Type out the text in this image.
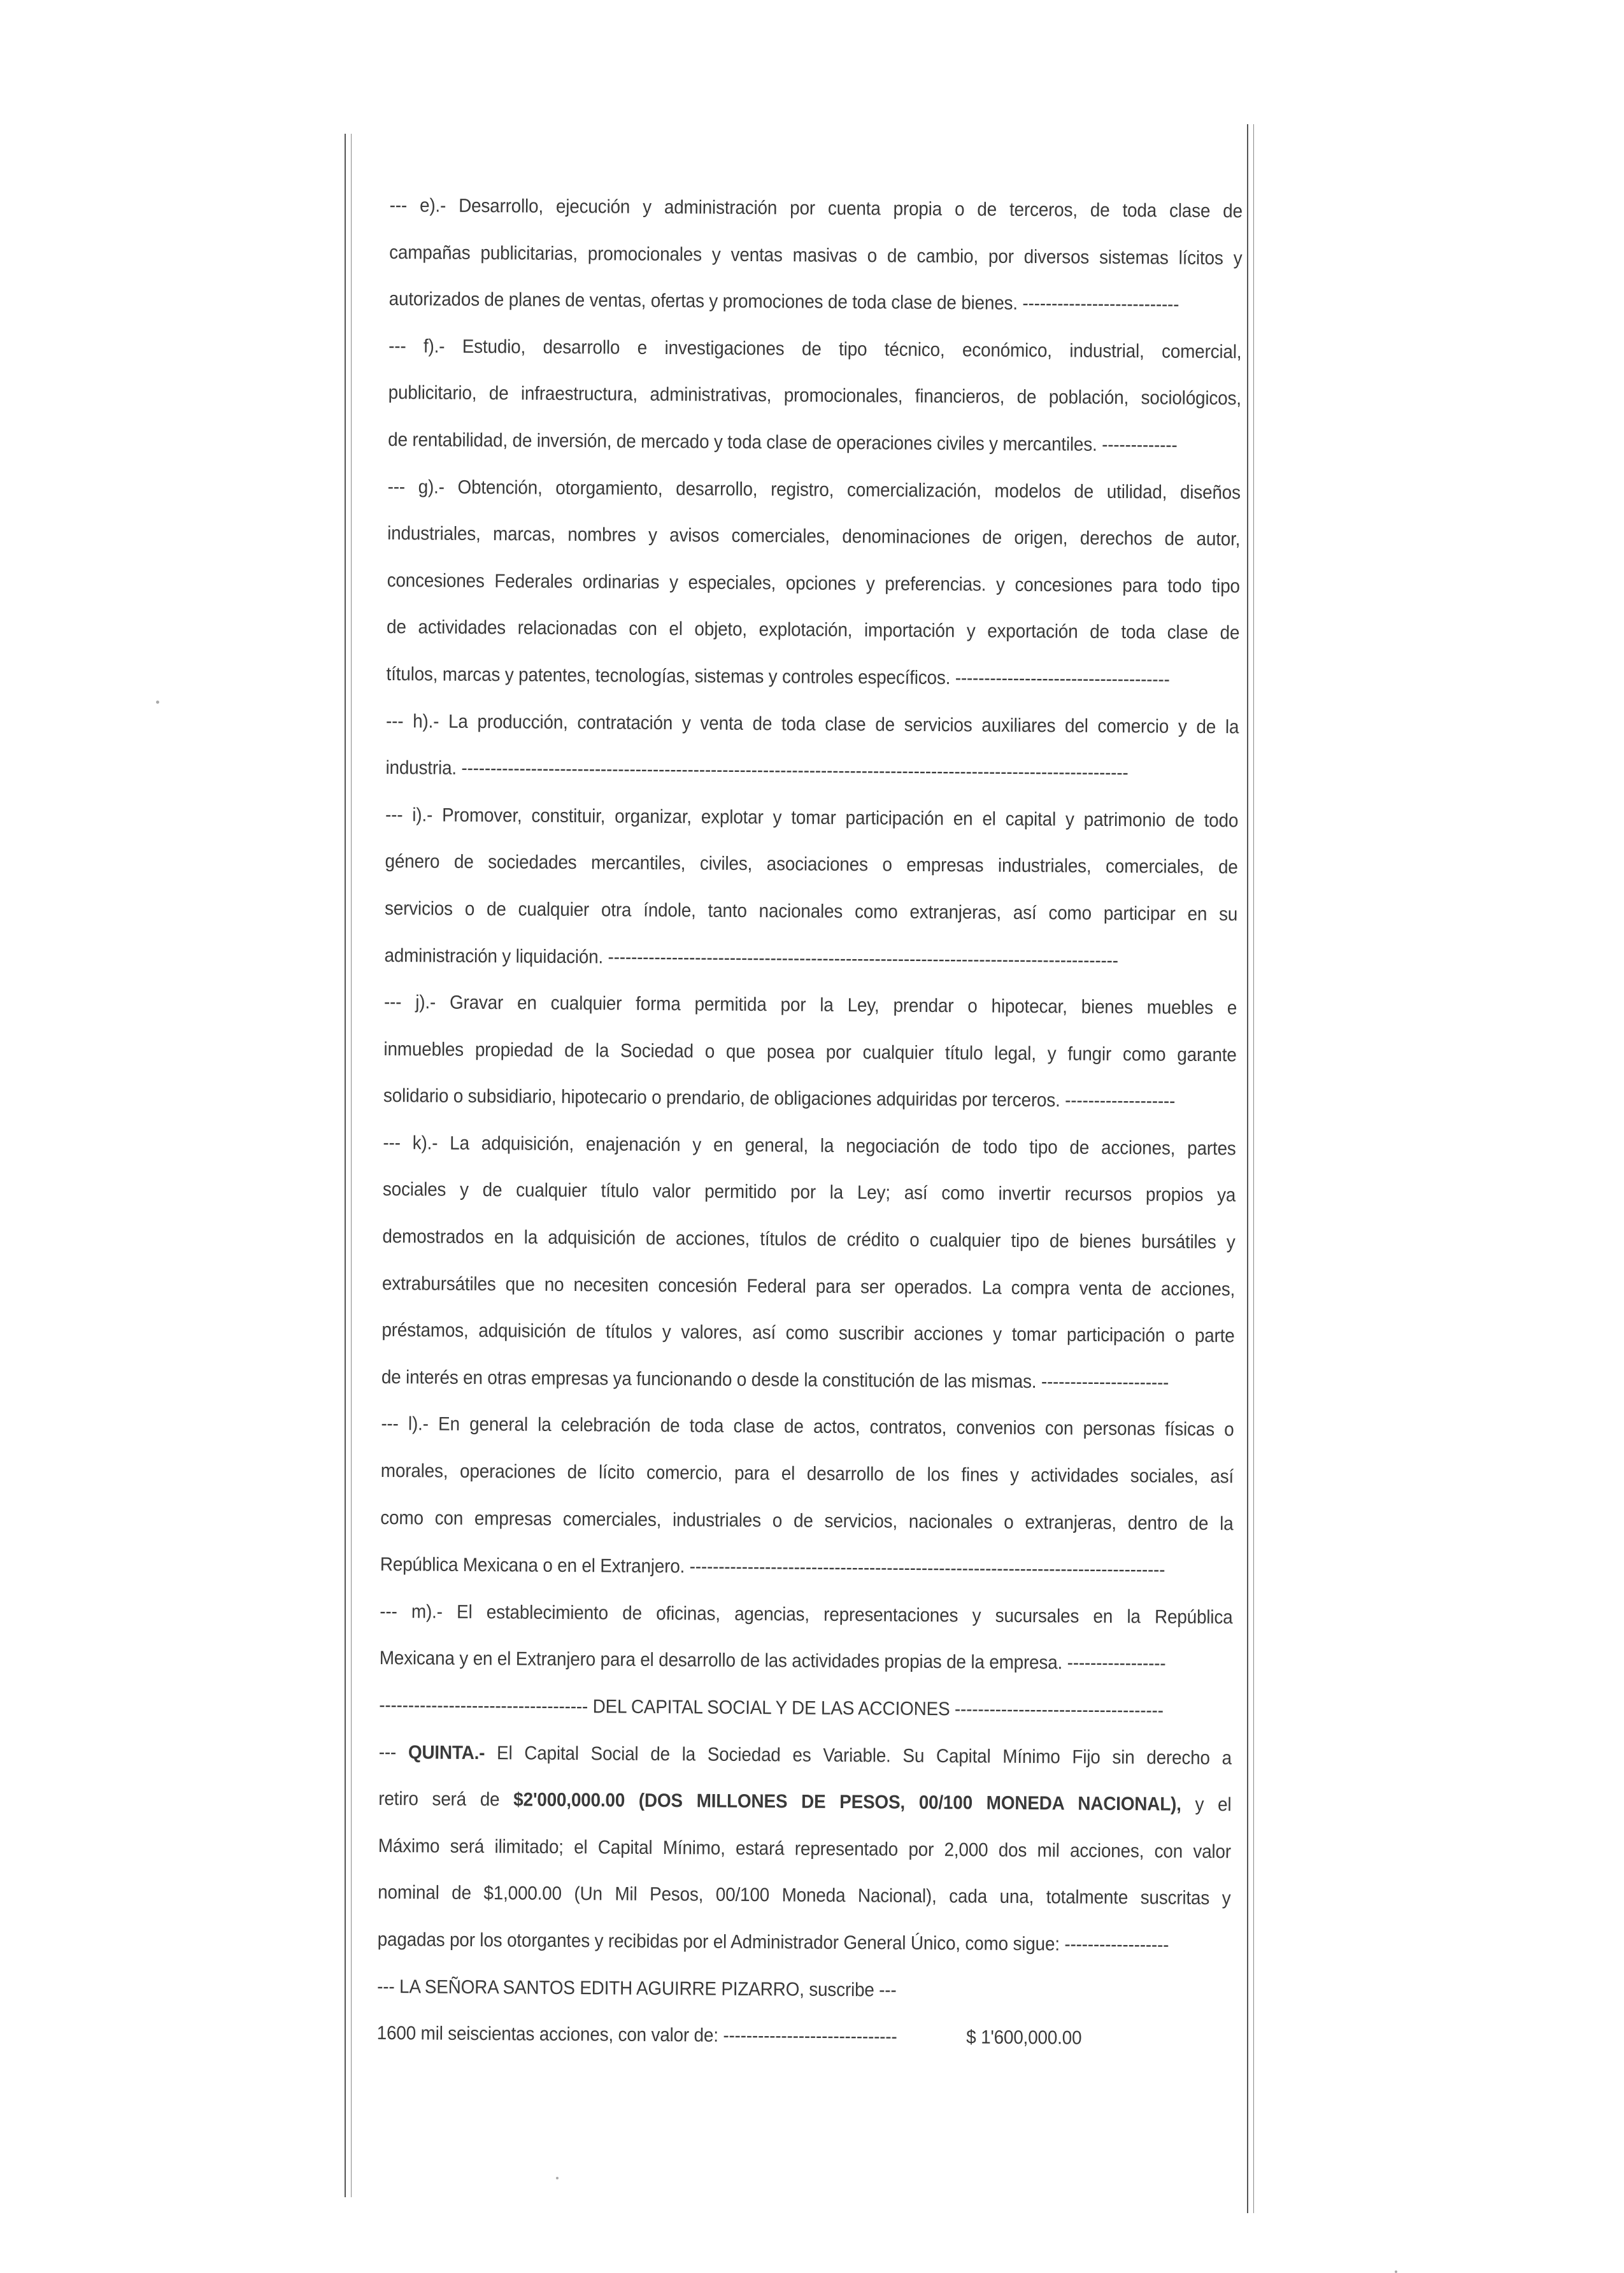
--- e).- Desarrollo, ejecución y administración por cuenta propia o de terceros, de toda clase de
campañas publicitarias, promocionales y ventas masivas o de cambio, por diversos sistemas lícitos y
autorizados de planes de ventas, ofertas y promociones de toda clase de bienes. ---------------------------
--- f).- Estudio, desarrollo e investigaciones de tipo técnico, económico, industrial, comercial,
publicitario, de infraestructura, administrativas, promocionales, financieros, de población, sociológicos,
de rentabilidad, de inversión, de mercado y toda clase de operaciones civiles y mercantiles. -------------
--- g).- Obtención, otorgamiento, desarrollo, registro, comercialización, modelos de utilidad, diseños
industriales, marcas, nombres y avisos comerciales, denominaciones de origen, derechos de autor,
concesiones Federales ordinarias y especiales, opciones y preferencias. y concesiones para todo tipo
de actividades relacionadas con el objeto, explotación, importación y exportación de toda clase de
títulos, marcas y patentes, tecnologías, sistemas y controles específicos. -------------------------------------
--- h).- La producción, contratación y venta de toda clase de servicios auxiliares del comercio y de la
industria. -------------------------------------------------------------------------------------------------------------------
--- i).- Promover, constituir, organizar, explotar y tomar participación en el capital y patrimonio de todo
género de sociedades mercantiles, civiles, asociaciones o empresas industriales, comerciales, de
servicios o de cualquier otra índole, tanto nacionales como extranjeras, así como participar en su
administración y liquidación. ----------------------------------------------------------------------------------------
--- j).- Gravar en cualquier forma permitida por la Ley, prendar o hipotecar, bienes muebles e
inmuebles propiedad de la Sociedad o que posea por cualquier título legal, y fungir como garante
solidario o subsidiario, hipotecario o prendario, de obligaciones adquiridas por terceros. -------------------
--- k).- La adquisición, enajenación y en general, la negociación de todo tipo de acciones, partes
sociales y de cualquier título valor permitido por la Ley; así como invertir recursos propios ya
demostrados en la adquisición de acciones, títulos de crédito o cualquier tipo de bienes bursátiles y
extrabursátiles que no necesiten concesión Federal para ser operados. La compra venta de acciones,
préstamos, adquisición de títulos y valores, así como suscribir acciones y tomar participación o parte
de interés en otras empresas ya funcionando o desde la constitución de las mismas. ----------------------
--- l).- En general la celebración de toda clase de actos, contratos, convenios con personas físicas o
morales, operaciones de lícito comercio, para el desarrollo de los fines y actividades sociales, así
como con empresas comerciales, industriales o de servicios, nacionales o extranjeras, dentro de la
República Mexicana o en el Extranjero. ----------------------------------------------------------------------------------
--- m).- El establecimiento de oficinas, agencias, representaciones y sucursales en la República
Mexicana y en el Extranjero para el desarrollo de las actividades propias de la empresa. -----------------
------------------------------------ DEL CAPITAL SOCIAL Y DE LAS ACCIONES ------------------------------------
--- QUINTA.- El Capital Social de la Sociedad es Variable. Su Capital Mínimo Fijo sin derecho a
retiro será de $2'000,000.00 (DOS MILLONES DE PESOS, 00/100 MONEDA NACIONAL), y el
Máximo será ilimitado; el Capital Mínimo, estará representado por 2,000 dos mil acciones, con valor
nominal de $1,000.00 (Un Mil Pesos, 00/100 Moneda Nacional), cada una, totalmente suscritas y
pagadas por los otorgantes y recibidas por el Administrador General Único, como sigue: ------------------
--- LA SEÑORA SANTOS EDITH AGUIRRE PIZARRO, suscribe ---
1600 mil seiscientas acciones, con valor de: ------------------------------	$ 1'600,000.00
